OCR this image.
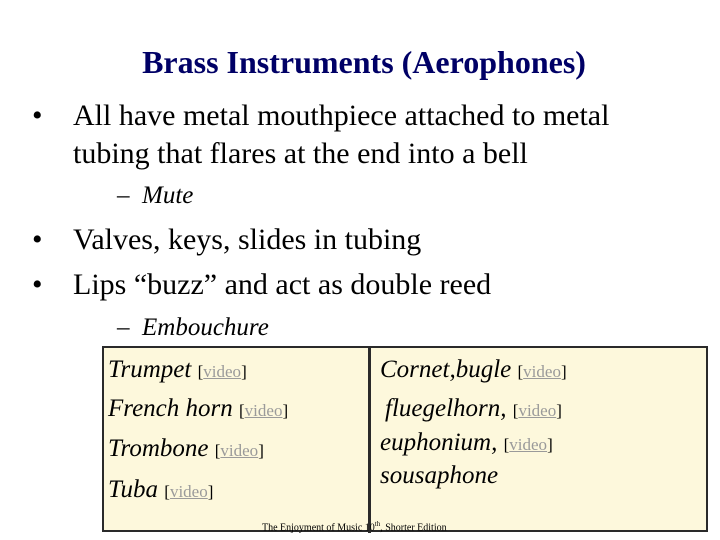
Brass Instruments (Aerophones)
• All have metal mouthpiece attached to metal
tubing that flares at the end into a bell
– Mute
• Valves, keys, slides in tubing
• Lips “buzz” and act as double reed
– Embouchure
Trumpet [video]
French horn [video]
Trombone [video]
Tuba [video]
Cornet,bugle [video]
fluegelhorn, [video]
euphonium, [video]
sousaphone
The Enjoyment of Music 10th, Shorter Edition
